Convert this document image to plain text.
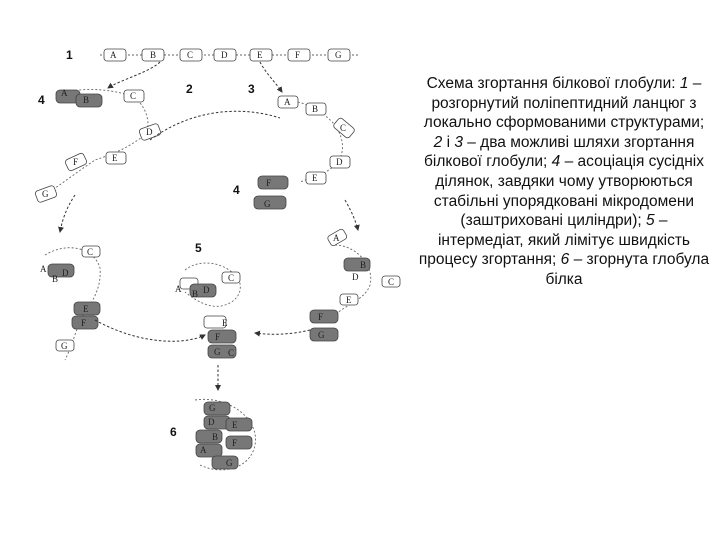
1	A	B	C	D	E	F	G
2	3
4 A
B	C
D
E
F
G
A
B
C
D
E
4	F
G
A
B
D
C
E
F
G
A
B
D	C
E
F
G
5
A B D
C
E
F
G C
6
G
D E
B
F
A
G
Схема згортання білкової глобули: 1 – розгорнутий поліпептидний ланцюг з локально сформованими структурами; 2 і 3 – два можливі шляхи згортання білкової глобули; 4 – асоціація сусідніх ділянок, завдяки чому утворюються стабільні упорядковані мікродомени (заштриховані циліндри); 5 – інтермедіат, який лімітує швидкість процесу згортання; 6 – згорнута глобула білка
